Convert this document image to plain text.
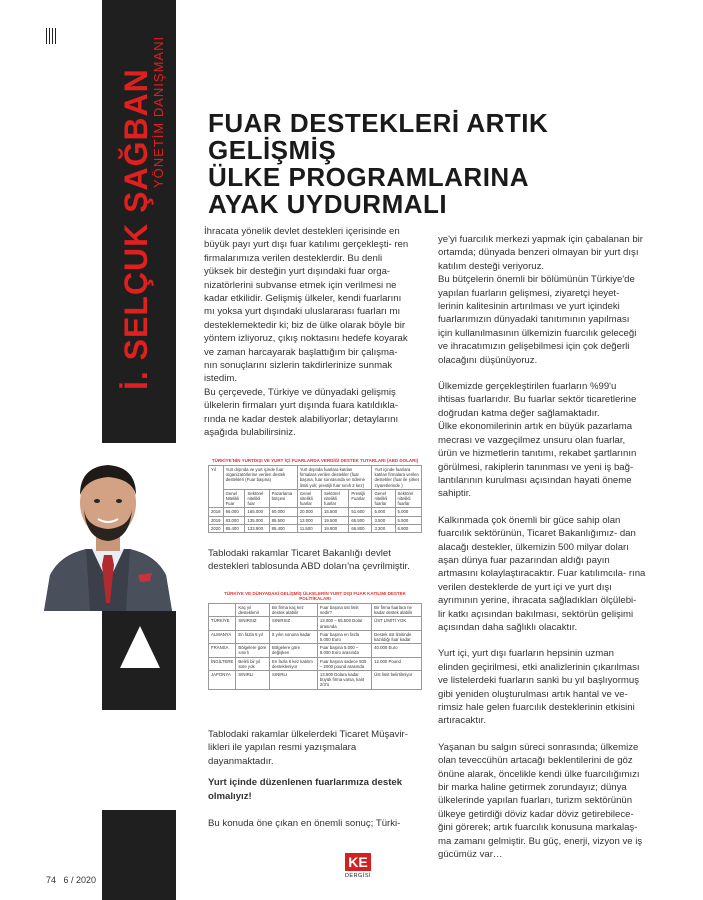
İ. SELÇUK ŞAĞBAN
YÖNETİM DANIŞMANI FUAR DESTEKLERİ ARTIK GELİŞMİŞ
ÜLKE PROGRAMLARINA
AYAK UYDURMALI

İhracata yönelik devlet destekleri içerisinde en büyük payı yurt dışı fuar katılımı gerçekleşti- ren firmalarımıza verilen desteklerdir. Bu denli yüksek bir desteğin yurt dışındaki fuar orga- nizatörlerini subvanse etmek için verilmesi ne kadar etkilidir. Gelişmiş ülkeler, kendi fuarlarını mı yoksa yurt dışındaki uluslararası fuarları mı desteklemektedir ki; biz de ülke olarak böyle bir yöntem izliyoruz, çıkış noktasını hedefe koyarak ve zaman harcayarak başlattığım bir çalışma- nın sonuçlarını sizlerin takdirlerinize sunmak istedim.

Bu çerçevede, Türkiye ve dünyadaki gelişmiş ülkelerin firmaları yurt dışında fuara katıldıkla- rında ne kadar destek alabiliyorlar; detaylarını aşağıda bulabilirsiniz.

TÜRKİYE'NİN YURTDIŞI VE YURT İÇİ FUARLARDA VERDİĞİ DESTEK TUTARLARI (ABD DOLARI)
Yıl	Yurt dışında ve yurt içinde fuar organizatörlerine verilen destek destekleri (Fuar başına)			Yurt dışında fuarlara katılan firmalara verilen destekler (fuar başına, fuar sonrasında ve ödeme limiti yok; prestijli fuar sınıfı 2 kez)			Yurt içinde fuarlara katılan firmalara verilen destekler (fuar ile şirket ziyaretlerinde )	
	Genel Nitelikli Fuar	Sektörel nitelikli fuar	Pazarlama bütçesi	Genel nitelikli fuarlar	Sektörel nitelikli fuarlar	Prestijli Fuarlar	Genel nitelikli fuarlar	Sektörel nitelikli fuarlar
2018	66.000	165.000	60.000	20.000	15.500	51.600	5.000	5.000
2019	83.000	135.000	85.500	13.000	19.500	65.500	3.500	5.500
2020	85.400	133.900	85.400	11.500	19.800	66.800	3.300	6.900

Tablodaki rakamlar Ticaret Bakanlığı devlet destekleri tablosunda ABD doları'na çevrilmiştir.

TÜRKİYE VE DÜNYADAKİ GELİŞMİŞ ÜLKELERİN YURT DIŞI FUAR KATILIMI DESTEK POLİTİKALARI
	Kaç yıl desteklenir	Bir firma kaç kez destek alabilir	Fuar başına üst limit nedir?	Bir firma fuarlara ne kadar destek alabilir
TÜRKİYE	SINIRSIZ	SINIRSIZ	13.000 – 65.500 Dolar arasında	ÜST LİMİTİ YOK
ALMANYA	En fazla 5 yıl	5 yılın sonuna kadar	Fuar başına en fazla 5.000 Euro	Destek üst limitinde kazıldığı fuar kadar
FRANSA	Bölgelere göre sınırlı	Bölgelere göre değişken	Fuar başına 5.000 – 8.000 Euro arasında	40.000 Euro
İNGİLTERE	Belirli bir yıl süre yok	En fazla 6 kez katılım destekleniyor	Fuar başına sadece 500 – 2000 pound arasında	12.000 Pound
JAPONYA	SINIRLI	SINIRLI	13.500 Dolara kadar büyük firma varsa, kalıt 2/3'ü	Üst limit belirtilmiyor
Tablodaki rakamlar ülkelerdeki Ticaret Müşavir- likleri ile yapılan resmi yazışmalara dayanmaktadır.
Yurt içinde düzenlenen fuarlarımıza destek olmalıyız!
Bu konuda öne çıkan en önemli sonuç; Türki-

ye'yi fuarcılık merkezi yapmak için çabalanan bir ortamda; dünyada benzeri olmayan bir yurt dışı katılım desteği veriyoruz.

Bu bütçelerin önemli bir bölümünün Türkiye'de yapılan fuarların gelişmesi, ziyaretçi heyet- lerinin kalitesinin artırılması ve yurt içindeki fuarlarımızın dünyadaki tanıtımının yapılması için kullanılmasının ülkemizin fuarcılık geleceği ve ihracatımızın gelişebilmesi için çok değerli olacağını düşünüyoruz.

Ülkemizde gerçekleştirilen fuarların %99'u ihtisas fuarlarıdır. Bu fuarlar sektör ticaretlerine doğrudan katma değer sağlamaktadır.

Ülke ekonomilerinin artık en büyük pazarlama mecrası ve vazgeçilmez unsuru olan fuarlar, ürün ve hizmetlerin tanıtımı, rekabet şartlarının görülmesi, rakiplerin tanınması ve yeni iş bağ- lantılarının kurulması açısından hayati öneme sahiptir.

Kalkınmada çok önemli bir güce sahip olan fuarcılık sektörünün, Ticaret Bakanlığımız- dan alacağı destekler, ülkemizin 500 milyar doları aşan dünya fuar pazarından aldığı payın artmasını kolaylaştıracaktır. Fuar katılımcıla- rına verilen desteklerde de yurt içi ve yurt dışı ayrımının yerine, ihracata sağladıkları ölçülebi- lir katkı açısından bakılması, sektörün gelişimi açısından daha sağlıklı olacaktır.

Yurt içi, yurt dışı fuarların hepsinin uzman elinden geçirilmesi, etki analizlerinin çıkarılması ve listelerdeki fuarların sanki bu yıl başlıyormuş gibi yeniden oluşturulması artık hantal ve ve- rimsiz hale gelen fuarcılık desteklerinin etkisini artıracaktır.

Yaşanan bu salgın süreci sonrasında; ülkemize olan teveccühün artacağı beklentilerini de göz önüne alarak, öncelikle kendi ülke fuarcılığımızı bir marka haline getirmek zorundayız; dünya ülkelerinde yapılan fuarları, turizm sektörünün ülkeye getirdiği döviz kadar döviz getirebilece- ğini görerek; artık fuarcılık konusuna markalaş- ma zamanı gelmiştir. Bu güç, enerji, vizyon ve iş gücümüz var…

74 6 / 2020
KE
DERGİSİ
